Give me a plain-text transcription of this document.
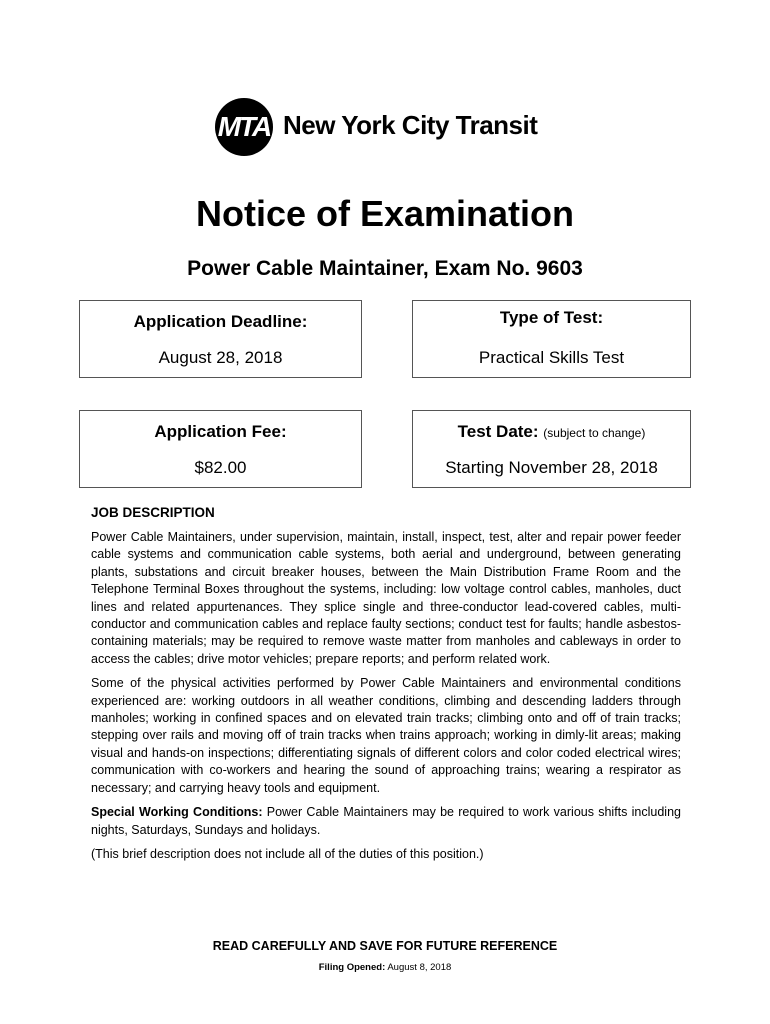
MTA New York City Transit
Notice of Examination
Power Cable Maintainer, Exam No. 9603
Application Deadline:
August 28, 2018
Type of Test:
Practical Skills Test
Application Fee:
$82.00
Test Date: (subject to change)
Starting November 28, 2018
JOB DESCRIPTION

Power Cable Maintainers, under supervision, maintain, install, inspect, test, alter and repair power feeder cable systems and communication cable systems, both aerial and underground, between generating plants, substations and circuit breaker houses, between the Main Distribution Frame Room and the Telephone Terminal Boxes throughout the systems, including: low voltage control cables, manholes, duct lines and related appurtenances. They splice single and three-conductor lead-covered cables, multi-conductor and communication cables and replace faulty sections; conduct test for faults; handle asbestos-containing materials; may be required to remove waste matter from manholes and cableways in order to access the cables; drive motor vehicles; prepare reports; and perform related work.

Some of the physical activities performed by Power Cable Maintainers and environmental conditions experienced are: working outdoors in all weather conditions, climbing and descending ladders through manholes; working in confined spaces and on elevated train tracks; climbing onto and off of train tracks; stepping over rails and moving off of train tracks when trains approach; working in dimly-lit areas; making visual and hands-on inspections; differentiating signals of different colors and color coded electrical wires; communication with co-workers and hearing the sound of approaching trains; wearing a respirator as necessary; and carrying heavy tools and equipment.

Special Working Conditions: Power Cable Maintainers may be required to work various shifts including nights, Saturdays, Sundays and holidays.

(This brief description does not include all of the duties of this position.)

READ CAREFULLY AND SAVE FOR FUTURE REFERENCE
Filing Opened: August 8, 2018
